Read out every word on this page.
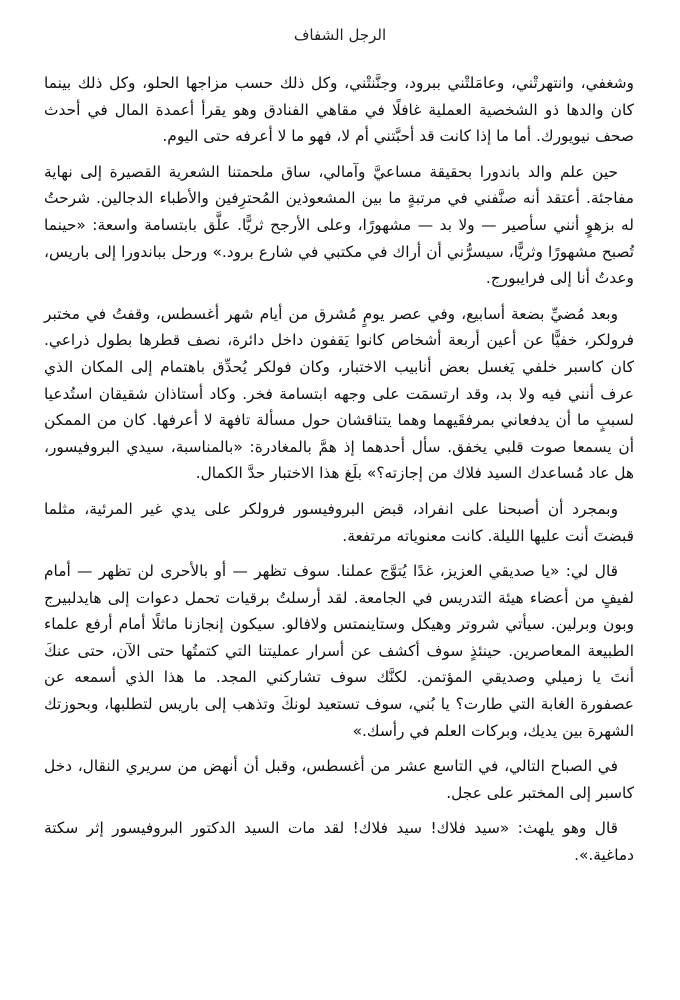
الرجل الشفاف

وشغفي، وانتهرتْني، وعامَلتْني ببرود، وجنَّنتْني، وكل ذلك حسب مزاجها الحلو، وكل ذلك بينما كان والدها ذو الشخصية العملية غافلًا في مقاهي الفنادق وهو يقرأ أعمدة المال في أحدث صحف نيويورك. أما ما إذا كانت قد أحبَّتني أم لا، فهو ما لا أعرفه حتى اليوم.

حين علم والد باندورا بحقيقة مساعيَّ وآمالي، ساق ملحمتنا الشعرية القصيرة إلى نهاية مفاجئة. أعتقد أنه صنَّفني في مرتبةٍ ما بين المشعوذين المُحترِفين والأطباء الدجالين. شرحتُ له بزهوٍ أنني سأصير — ولا بد — مشهورًا، وعلى الأرجح ثريًّا. علَّق بابتسامة واسعة: «حينما تُصبح مشهورًا وثريًّا، سيسرُّني أن أراك في مكتبي في شارع برود.» ورحل بباندورا إلى باريس، وعدتُ أنا إلى فرايبورج.

وبعد مُضيِّ بضعة أسابيع، وفي عصر يومٍ مُشرق من أيام شهر أغسطس، وقفتُ في مختبر فرولكر، خفيًّا عن أعين أربعة أشخاص كانوا يَقفون داخل دائرة، نصف قطرها بطول ذراعي. كان كاسبر خلفي يَغسل بعض أنابيب الاختبار، وكان فولكر يُحدِّق باهتمام إلى المكان الذي عرف أنني فيه ولا بد، وقد ارتسمَت على وجهه ابتسامة فخر. وكاد أستاذان شقيقان استُدعيا لسببٍ ما أن يدفعاني بمرفقَيهما وهما يتناقشان حول مسألة تافهة لا أعرفها. كان من الممكن أن يسمعا صوت قلبي يخفق. سأل أحدهما إذ همَّ بالمغادرة: «بالمناسبة، سيدي البروفيسور، هل عاد مُساعدك السيد فلاك من إجازته؟» بلَغ هذا الاختبار حدَّ الكمال.

وبمجرد أن أصبحنا على انفراد، قبض البروفيسور فرولكر على يدي غير المرئية، مثلما قبضتَ أنت عليها الليلة. كانت معنوياته مرتفعة.

قال لي: «يا صديقي العزيز، غدًا يُتوَّج عملنا. سوف تظهر — أو بالأحرى لن تظهر — أمام لفيفٍ من أعضاء هيئة التدريس في الجامعة. لقد أرسلتُ برقيات تحمل دعوات إلى هايدلبيرج وبون وبرلين. سيأتي شروتر وهيكل وستاينمتس ولافالو. سيكون إنجازنا ماثلًا أمام أرفع علماء الطبيعة المعاصرين. حينئذٍ سوف أكشف عن أسرار عمليتنا التي كتمتُها حتى الآن، حتى عنكَ أنتَ يا زميلي وصديقي المؤتمن. لكنَّك سوف تشاركني المجد. ما هذا الذي أسمعه عن عصفورة الغابة التي طارت؟ يا بُني، سوف تستعيد لونكَ وتذهب إلى باريس لتطلبها، وبحوزتك الشهرة بين يديك، وبركات العلم في رأسك.»

في الصباح التالي، في التاسع عشر من أغسطس، وقبل أن أنهض من سريري النقال، دخل كاسبر إلى المختبر على عجل.

قال وهو يلهث: «سيد فلاك! سيد فلاك! لقد مات السيد الدكتور البروفيسور إثر سكتة دماغية.».
